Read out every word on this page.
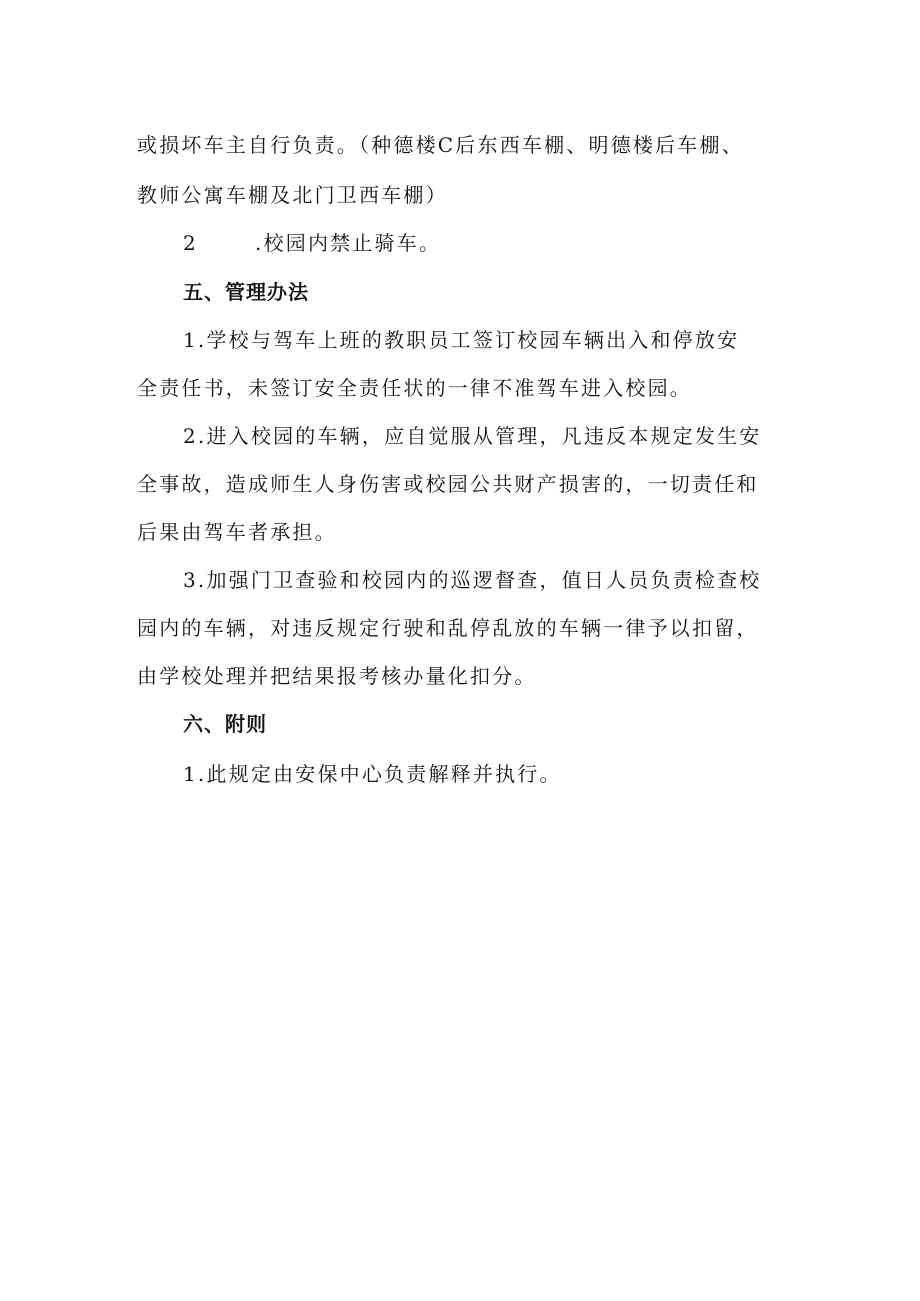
或损坏车主自行负责。（种德楼C后东西车棚、明德楼后车棚、
教师公寓车棚及北门卫西车棚）
2	.校园内禁止骑车。
五、管理办法
1.学校与驾车上班的教职员工签订校园车辆出入和停放安
全责任书，未签订安全责任状的一律不准驾车进入校园。
2.进入校园的车辆，应自觉服从管理，凡违反本规定发生安
全事故，造成师生人身伤害或校园公共财产损害的，一切责任和
后果由驾车者承担。
3.加强门卫查验和校园内的巡逻督查，值日人员负责检查校
园内的车辆，对违反规定行驶和乱停乱放的车辆一律予以扣留，
由学校处理并把结果报考核办量化扣分。
六、附则
1.此规定由安保中心负责解释并执行。
